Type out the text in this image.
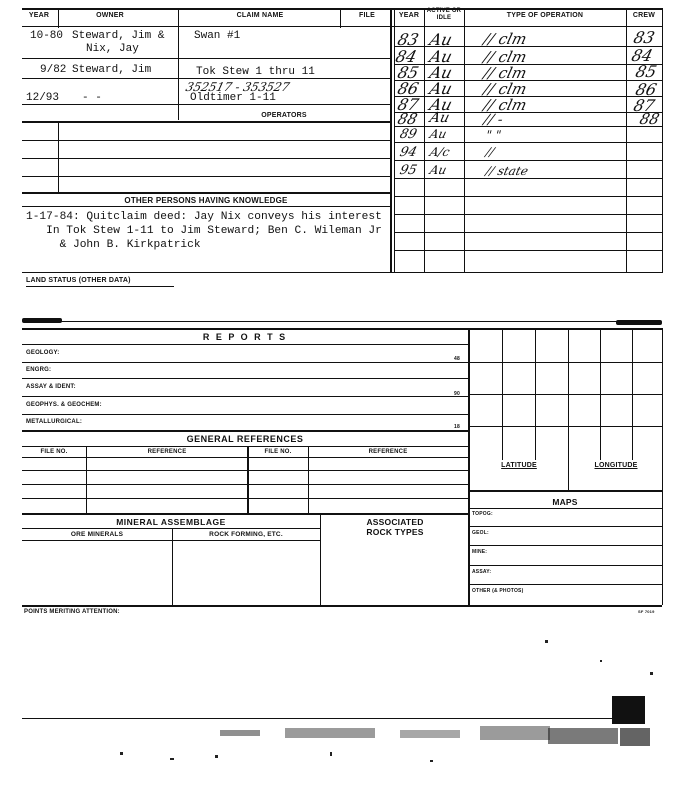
YEAR	OWNER	CLAIM NAME	FILE	YEAR
ACTIVE OR IDLE	TYPE OF OPERATION	CREW
10-80 Steward, Jim &	Swan #1
Nix, Jay
9/82 Steward, Jim	Tok Stew 1 thru 11
352517 - 353527
12/93 - -	Oldtimer 1-11
OPERATORS
83 Au // clm	83
84 Au // clm	84
85 Au // clm	85
86 Au // clm	86
87 Au // clm	87
88 Au // -	88
89 Au	" "
94 A/c	//
95 Au	// state
OTHER PERSONS HAVING KNOWLEDGE
1-17-84: Quitclaim deed: Jay Nix conveys his interest
In Tok Stew 1-11 to Jim Steward; Ben C. Wileman Jr
& John B. Kirkpatrick
LAND STATUS (OTHER DATA)
R E P O R T S
GEOLOGY:
48
ENGRG:
ASSAY & IDENT:
GEOPHYS. & GEOCHEM:
90
METALLURGICAL:
18
GENERAL REFERENCES
FILE NO.	REFERENCE	FILE NO.	REFERENCE
MINERAL ASSEMBLAGE	ASSOCIATED
ROCK TYPES
ORE MINERALS	ROCK FORMING, ETC.
LATITUDE	LONGITUDE
MAPS
TOPOG:
GEOL:
MINE:
ASSAY:
OTHER (& PHOTOS)
POINTS MERITING ATTENTION:	SF 7019
